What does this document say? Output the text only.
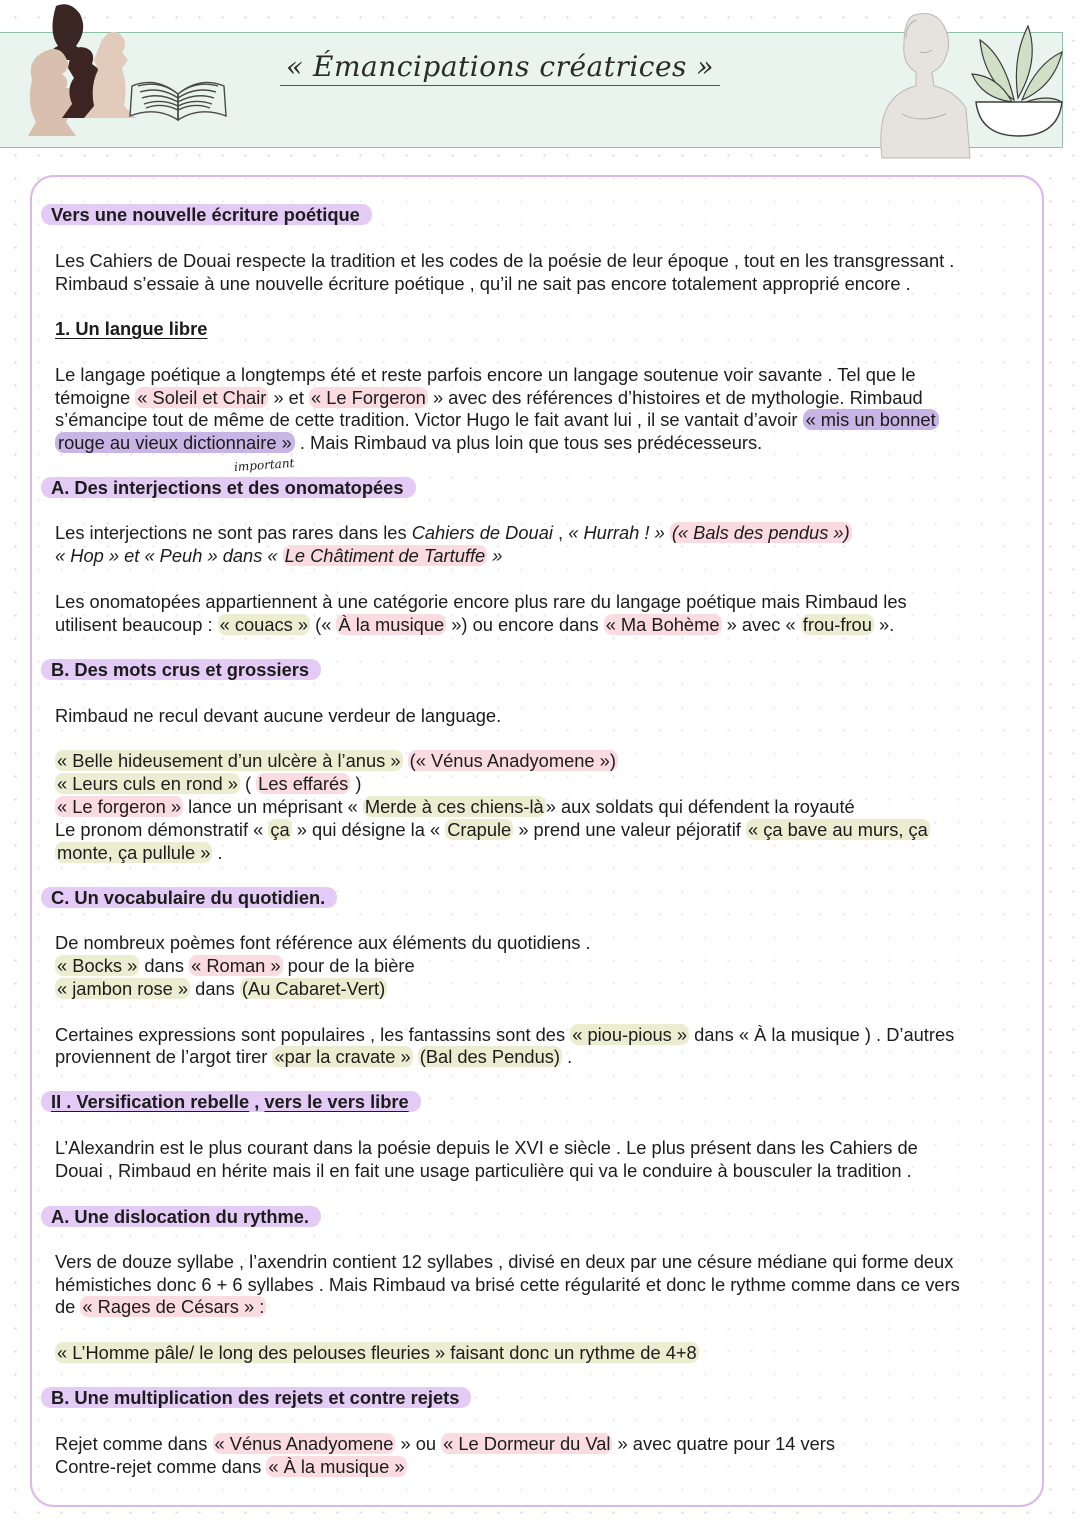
« Émancipations créatrices »
Vers une nouvelle écriture poétique
Les Cahiers de Douai respecte la tradition et les codes de la poésie de leur époque , tout en les transgressant .
Rimbaud s’essaie à une nouvelle écriture poétique , qu’il ne sait pas encore totalement approprié encore .
1. Un langue libre
Le langage poétique a longtemps été et reste parfois encore un langage soutenue voir savante . Tel que le
témoigne « Soleil et Chair » et « Le Forgeron » avec des références d’histoires et de mythologie. Rimbaud
s’émancipe tout de même de cette tradition. Victor Hugo le fait avant lui , il se vantait d’avoir « mis un bonnet
rouge au vieux dictionnaire » . Mais Rimbaud va plus loin que tous ses prédécesseurs.
important
A. Des interjections et des onomatopées
Les interjections ne sont pas rares dans les Cahiers de Douai , « Hurrah ! » (« Bals des pendus »)
« Hop » et « Peuh » dans « Le Châtiment de Tartuffe »
Les onomatopées appartiennent à une catégorie encore plus rare du langage poétique mais Rimbaud les
utilisent beaucoup : « couacs » (« À la musique ») ou encore dans « Ma Bohème » avec « frou-frou ».
B. Des mots crus et grossiers
Rimbaud ne recul devant aucune verdeur de language.
« Belle hideusement d’un ulcère à l’anus » (« Vénus Anadyomene »)
« Leurs culs en rond » ( Les effarés )
« Le forgeron » lance un méprisant « Merde à ces chiens-là » aux soldats qui défendent la royauté
Le pronom démonstratif « ça » qui désigne la « Crapule » prend une valeur péjoratif « ça bave au murs, ça
monte, ça pullule » .
C. Un vocabulaire du quotidien.
De nombreux poèmes font référence aux éléments du quotidiens .
« Bocks » dans « Roman » pour de la bière
« jambon rose » dans (Au Cabaret-Vert)
Certaines expressions sont populaires , les fantassins sont des « piou-pious » dans « À la musique ) . D’autres
proviennent de l’argot tirer «par la cravate » (Bal des Pendus) .
II . Versification rebelle , vers le vers libre
L’Alexandrin est le plus courant dans la poésie depuis le XVI e siècle . Le plus présent dans les Cahiers de
Douai , Rimbaud en hérite mais il en fait une usage particulière qui va le conduire à bousculer la tradition .
A. Une dislocation du rythme.
Vers de douze syllabe , l’axendrin contient 12 syllabes , divisé en deux par une césure médiane qui forme deux
hémistiches donc 6 + 6 syllabes . Mais Rimbaud va brisé cette régularité et donc le rythme comme dans ce vers
de « Rages de Césars » :
« L’Homme pâle/ le long des pelouses fleuries » faisant donc un rythme de 4+8
B. Une multiplication des rejets et contre rejets
Rejet comme dans « Vénus Anadyomene » ou « Le Dormeur du Val » avec quatre pour 14 vers
Contre-rejet comme dans « À la musique »
